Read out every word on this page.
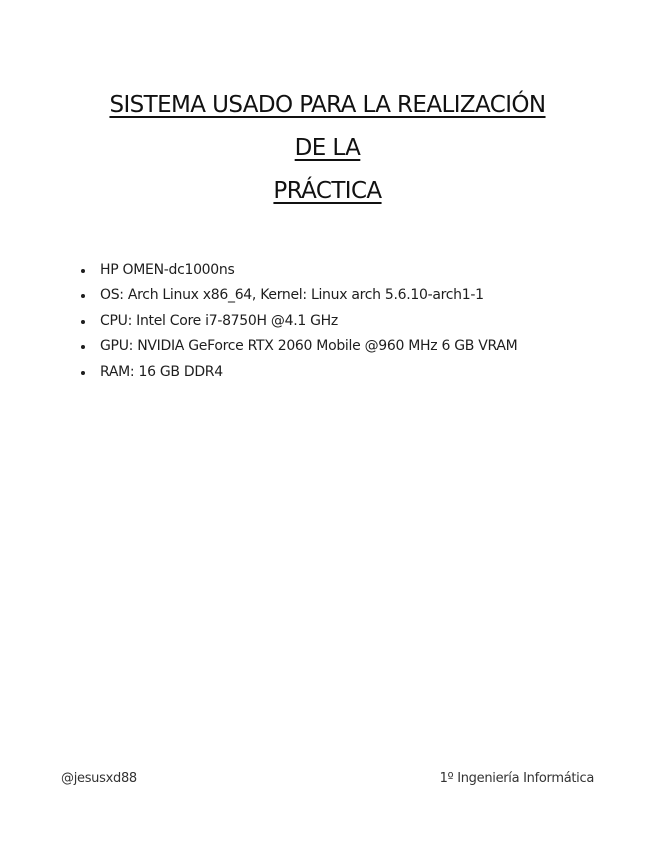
SISTEMA USADO PARA LA REALIZACIÓN
DE LA
PRÁCTICA
HP OMEN-dc1000ns
OS: Arch Linux x86_64, Kernel: Linux arch 5.6.10-arch1-1
CPU: Intel Core i7-8750H @4.1 GHz
GPU: NVIDIA GeForce RTX 2060 Mobile @960 MHz 6 GB VRAM
RAM: 16 GB DDR4
@jesusxd88	1º Ingeniería Informática
